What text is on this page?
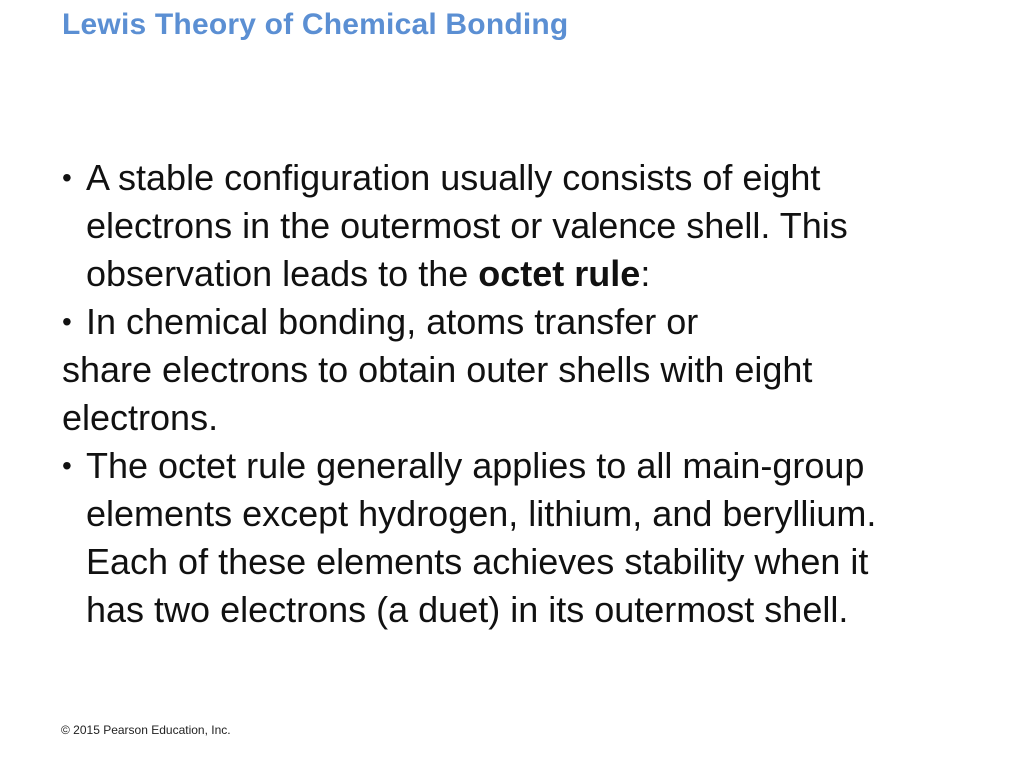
Lewis Theory of Chemical Bonding
• A stable configuration usually consists of eight
electrons in the outermost or valence shell. This
observation leads to the octet rule:
• In chemical bonding, atoms transfer or
share electrons to obtain outer shells with eight
electrons.
• The octet rule generally applies to all main-group
elements except hydrogen, lithium, and beryllium.
Each of these elements achieves stability when it
has two electrons (a duet) in its outermost shell.
© 2015 Pearson Education, Inc.
